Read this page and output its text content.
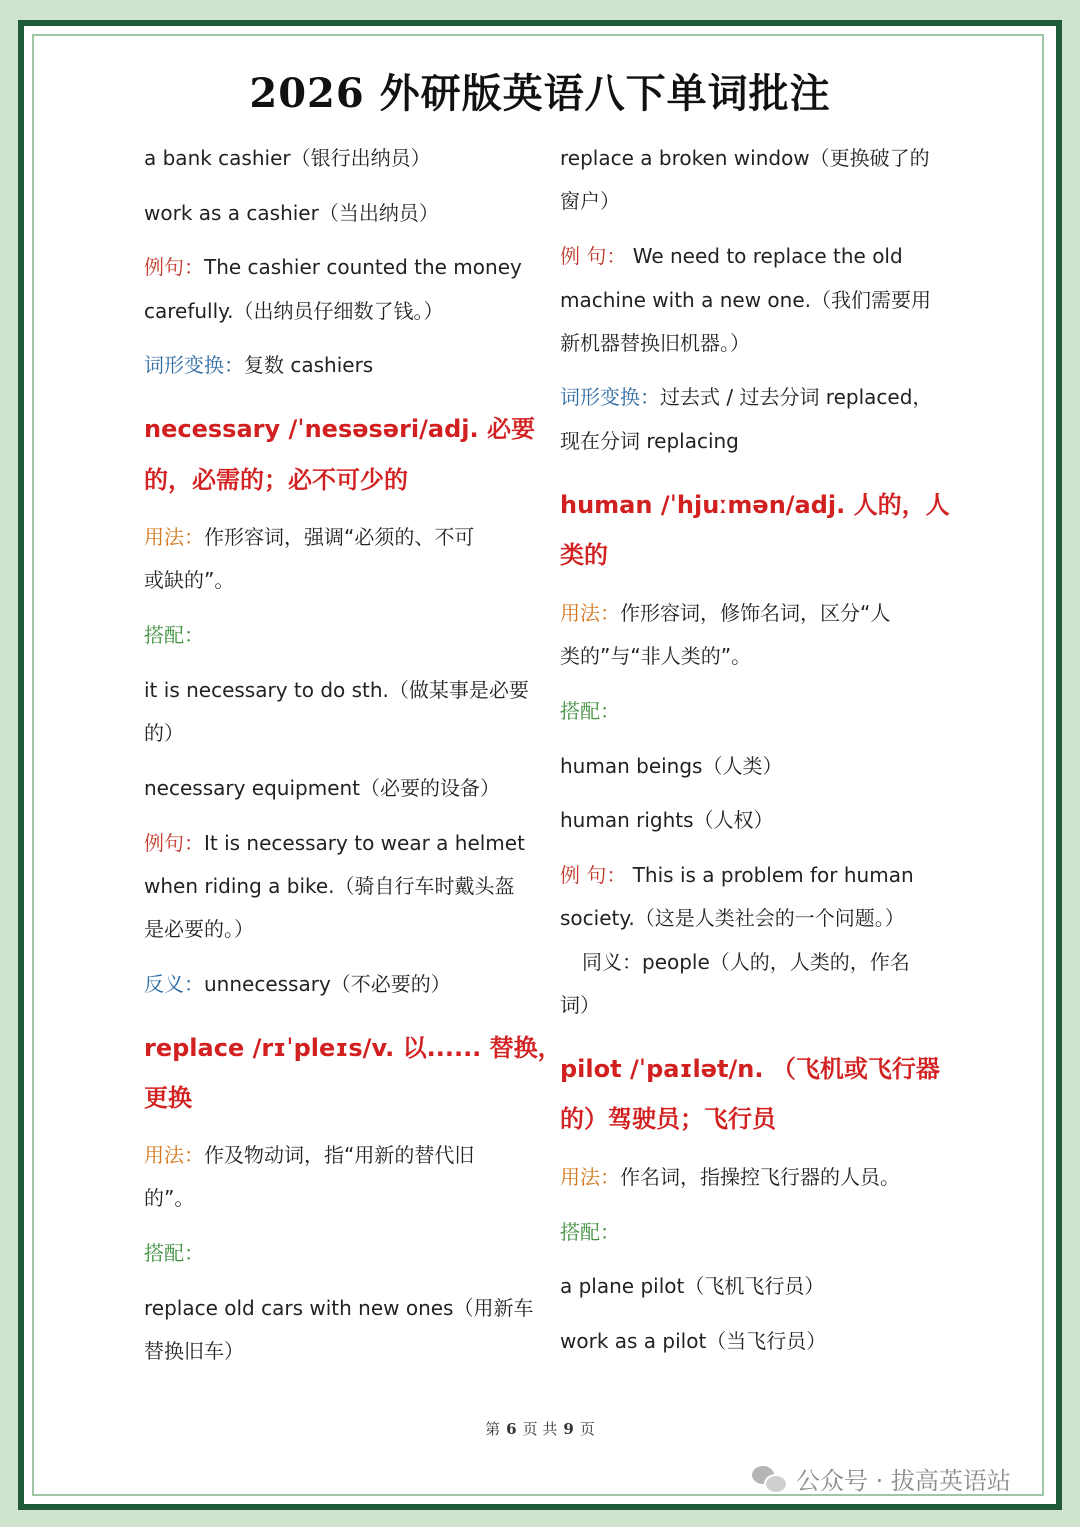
2026 外研版英语八下单词批注
a bank cashier（银行出纳员）
work as a cashier（当出纳员）
例句：The cashier counted the money
carefully.（出纳员仔细数了钱。）
词形变换：复数 cashiers
necessary /ˈnesəsəri/adj. 必要
的，必需的；必不可少的
用法：作形容词，强调“必须的、不可
或缺的”。
搭配：
it is necessary to do sth.（做某事是必要
的）
necessary equipment（必要的设备）
例句：It is necessary to wear a helmet
when riding a bike.（骑自行车时戴头盔
是必要的。）
反义：unnecessary（不必要的）
replace /rɪˈpleɪs/v. 以...... 替换，
更换
用法：作及物动词，指“用新的替代旧
的”。
搭配：
replace old cars with new ones（用新车
替换旧车）
replace a broken window（更换破了的
窗户）
例 句： We need to replace the old
machine with a new one.（我们需要用
新机器替换旧机器。）
词形变换：过去式 / 过去分词 replaced，
现在分词 replacing
human /ˈhjuːmən/adj. 人的，人
类的
用法：作形容词，修饰名词，区分“人
类的”与“非人类的”。
搭配：
human beings（人类）
human rights（人权）
例 句： This is a problem for human
society.（这是人类社会的一个问题。）
同义：people（人的，人类的，作名
词）
pilot /ˈpaɪlət/n. （飞机或飞行器
的）驾驶员；飞行员
用法：作名词，指操控飞行器的人员。
搭配：
a plane pilot（飞机飞行员）
work as a pilot（当飞行员）
第 6 页 共 9 页
公众号 · 拔高英语站
